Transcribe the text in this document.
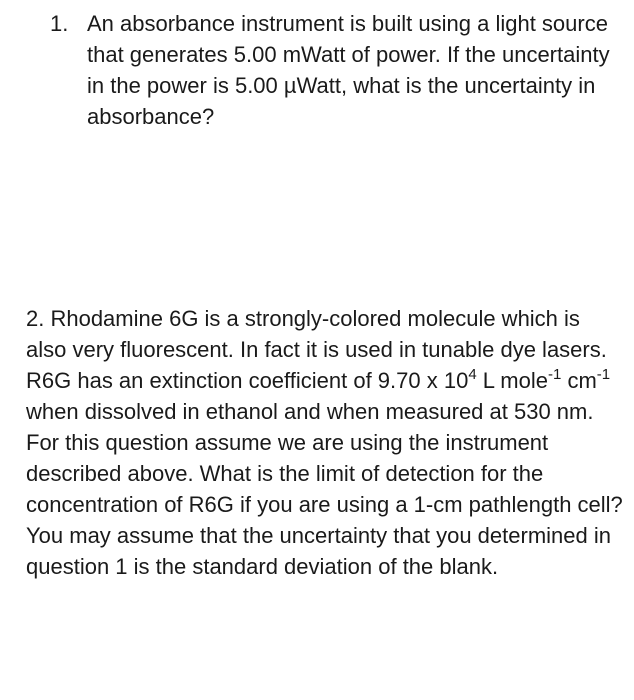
1. An absorbance instrument is built using a light source that generates 5.00 mWatt of power. If the uncertainty in the power is 5.00 µWatt, what is the uncertainty in absorbance?
2. Rhodamine 6G is a strongly-colored molecule which is also very fluorescent. In fact it is used in tunable dye lasers. R6G has an extinction coefficient of 9.70 x $10^4$ L mole$^{-1}$ $cm^{-1}$ when dissolved in ethanol and when measured at 530 nm. For this question assume we are using the instrument described above. What is the limit of detection for the concentration of R6G if you are using a 1-cm pathlength cell? You may assume that the uncertainty that you determined in question 1 is the standard deviation of the blank.
